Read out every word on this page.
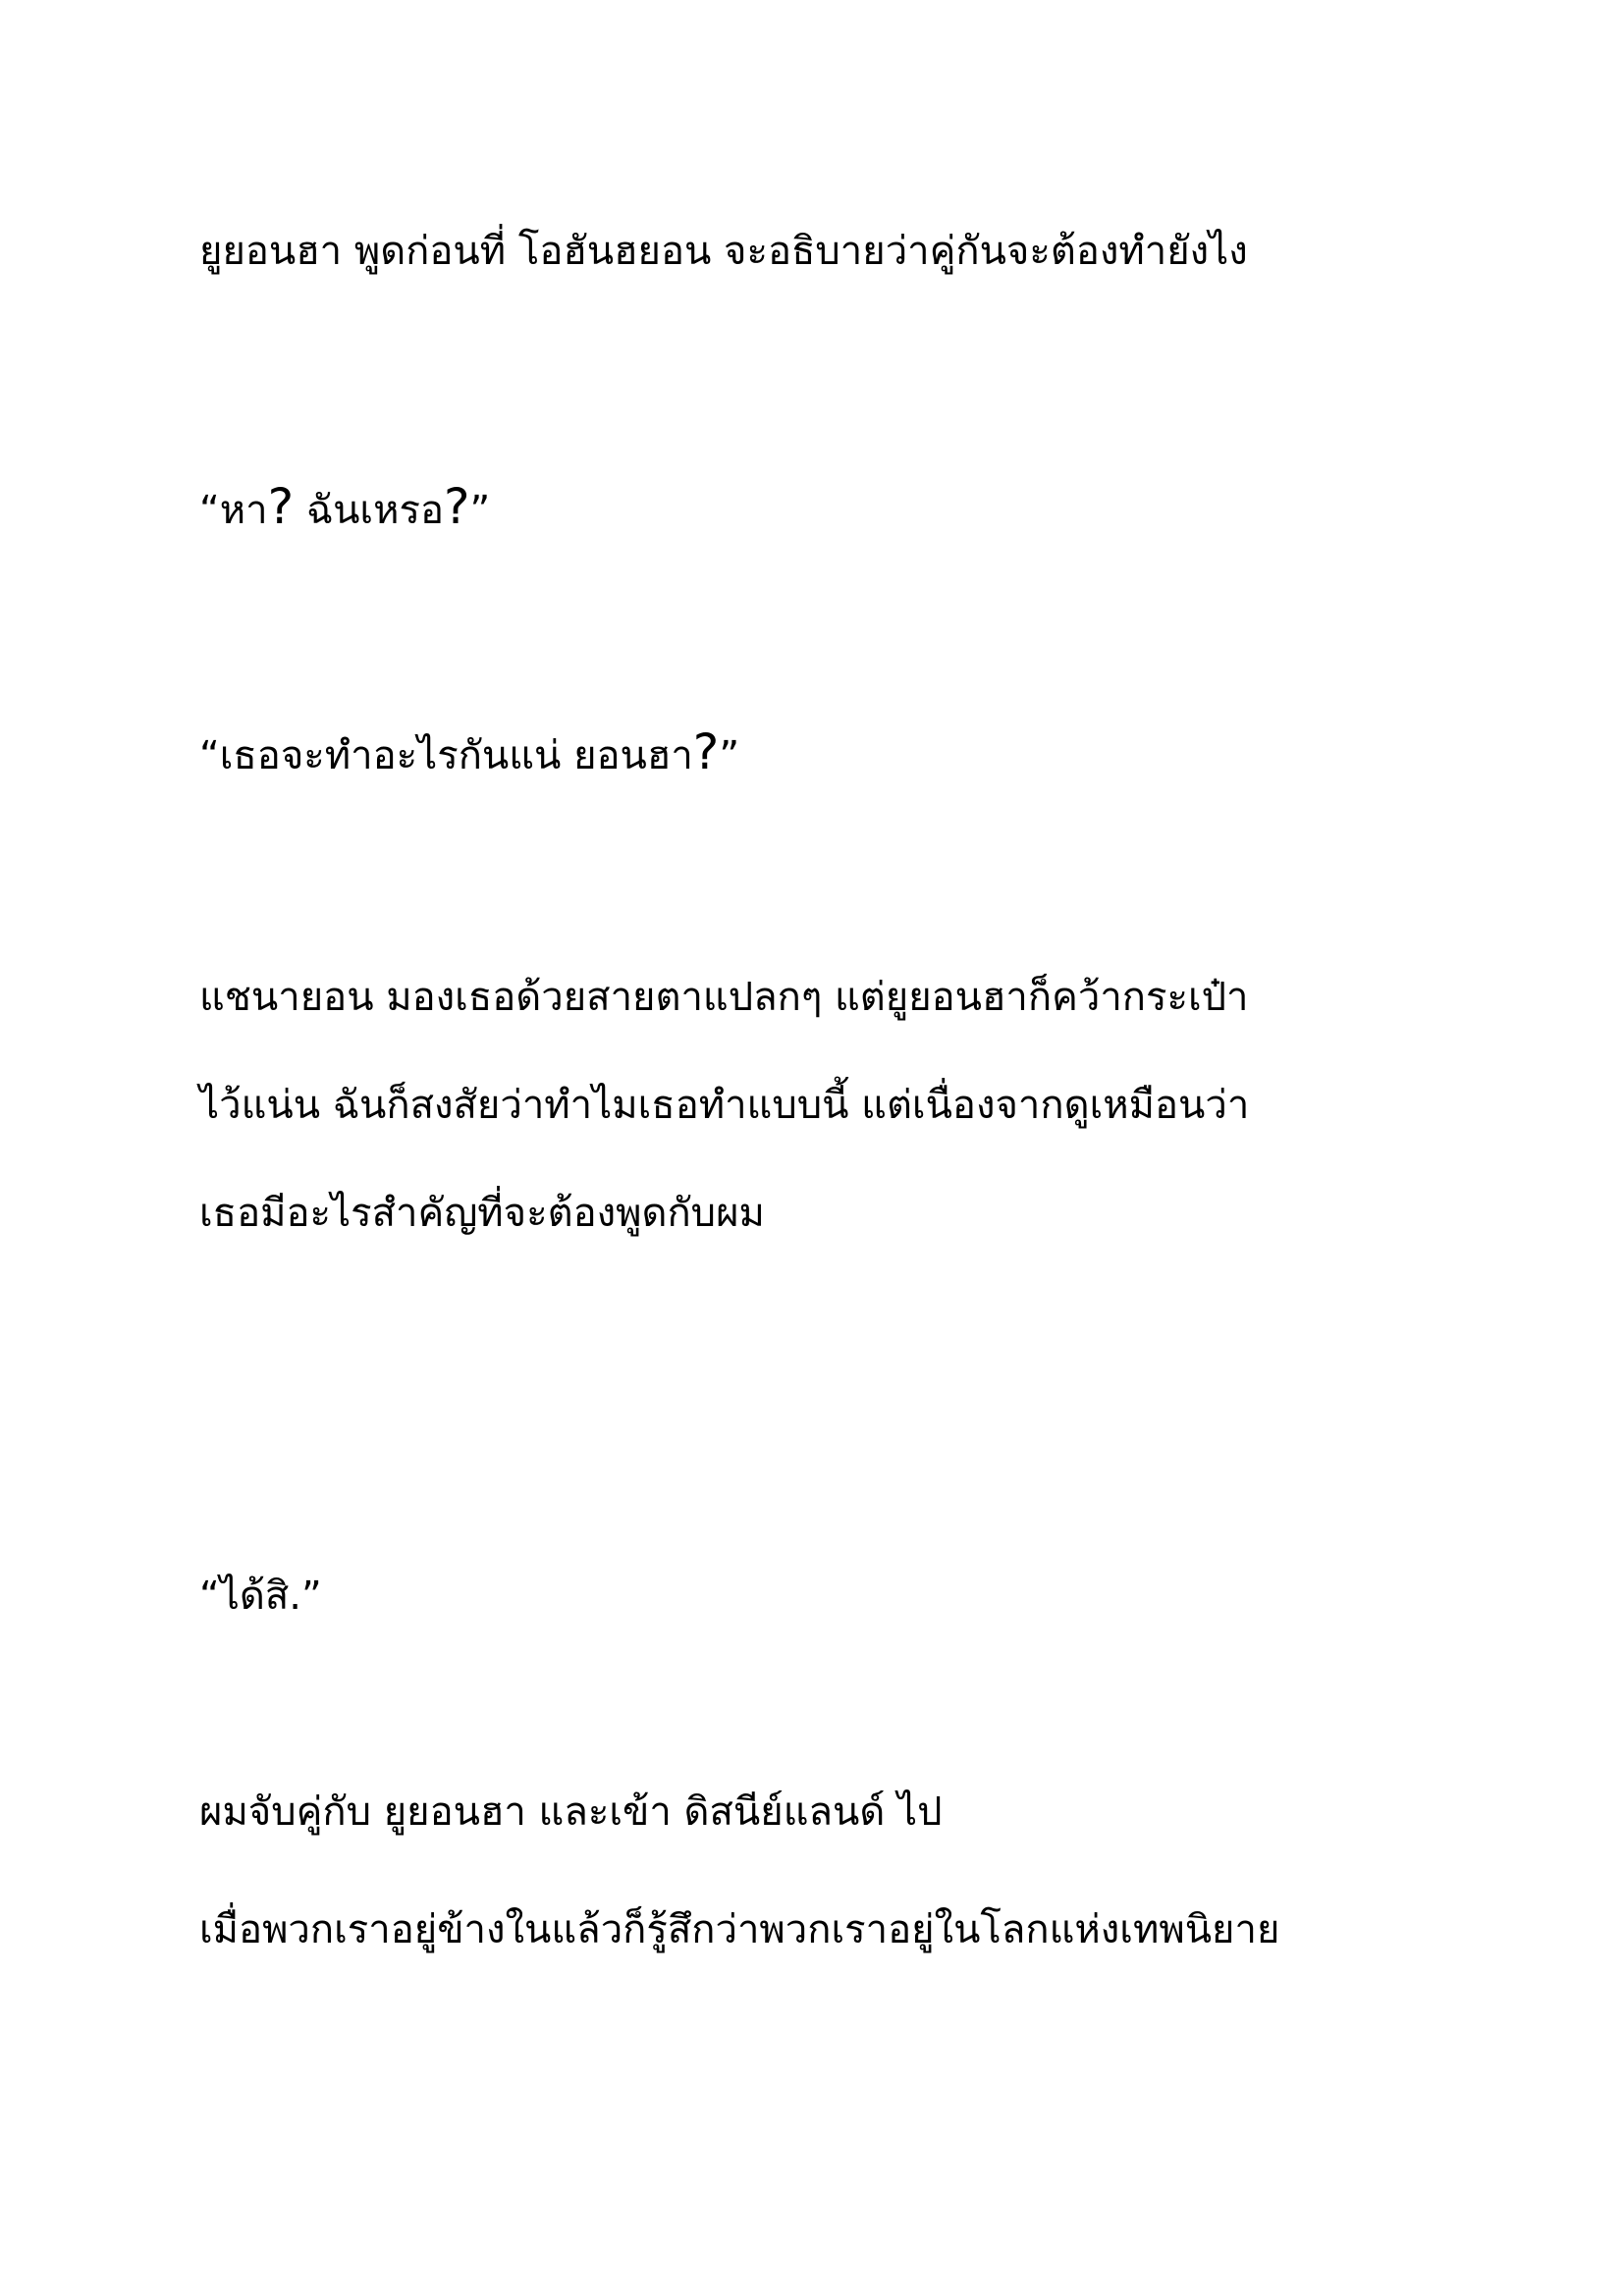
ยูยอนฮา พูดก่อนที่ โอฮันฮยอน จะอธิบายว่าคู่กันจะต้องทำยังไง

“หา? ฉันเหรอ?”

“เธอจะทำอะไรกันแน่ ยอนฮา?”

แชนายอน มองเธอด้วยสายตาแปลกๆ แต่ยูยอนฮาก็คว้ากระเป๋า

ไว้แน่น ฉันก็สงสัยว่าทำไมเธอทำแบบนี้ แต่เนื่องจากดูเหมือนว่า

เธอมีอะไรสำคัญที่จะต้องพูดกับผม

“ได้สิ.”

ผมจับคู่กับ ยูยอนฮา และเข้า ดิสนีย์แลนด์ ไป

เมื่อพวกเราอยู่ข้างในแล้วก็รู้สึกว่าพวกเราอยู่ในโลกแห่งเทพนิยาย
